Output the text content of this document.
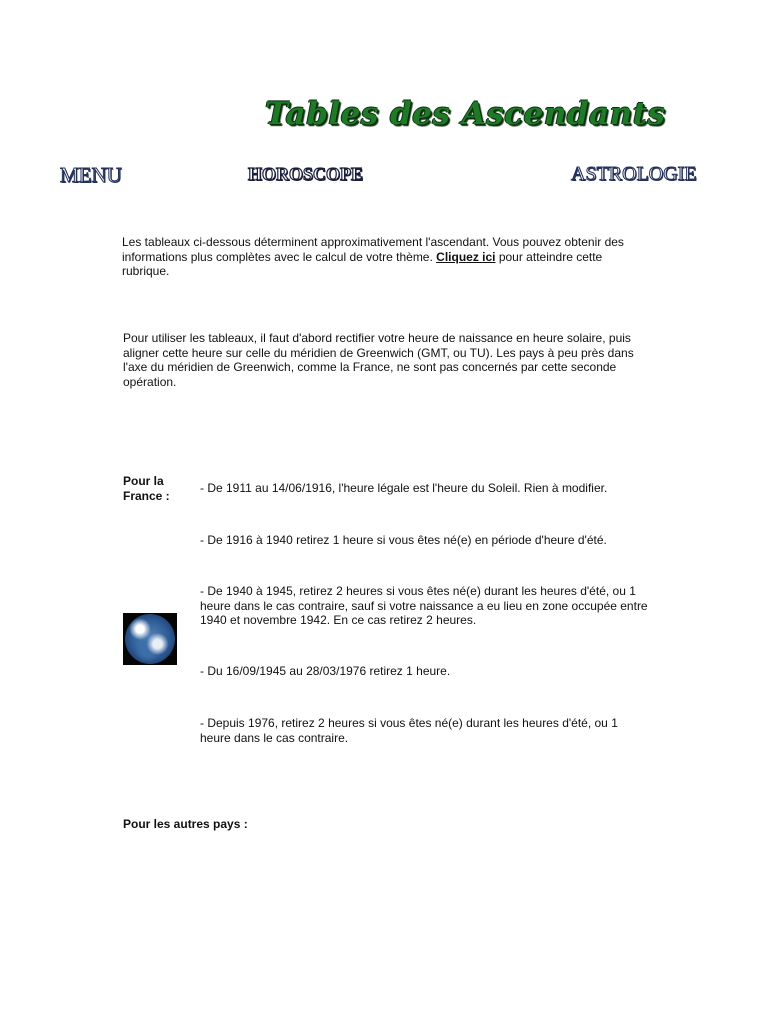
Tables des Ascendants
MENU	HOROSCOPE	ASTROLOGIE

Les tableaux ci-dessous déterminent approximativement l'ascendant. Vous pouvez obtenir des informations plus complètes avec le calcul de votre thème. Cliquez ici pour atteindre cette rubrique.

Pour utiliser les tableaux, il faut d'abord rectifier votre heure de naissance en heure solaire, puis aligner cette heure sur celle du méridien de Greenwich (GMT, ou TU). Les pays à peu près dans l'axe du méridien de Greenwich, comme la France, ne sont pas concernés par cette seconde opération.

Pour la France :
- De 1911 au 14/06/1916, l'heure légale est l'heure du Soleil. Rien à modifier.
- De 1916 à 1940 retirez 1 heure si vous êtes né(e) en période d'heure d'été.
- De 1940 à 1945, retirez 2 heures si vous êtes né(e) durant les heures d'été, ou 1 heure dans le cas contraire, sauf si votre naissance a eu lieu en zone occupée entre 1940 et novembre 1942. En ce cas retirez 2 heures.
- Du 16/09/1945 au 28/03/1976 retirez 1 heure.
- Depuis 1976, retirez 2 heures si vous êtes né(e) durant les heures d'été, ou 1 heure dans le cas contraire.
Pour les autres pays :
